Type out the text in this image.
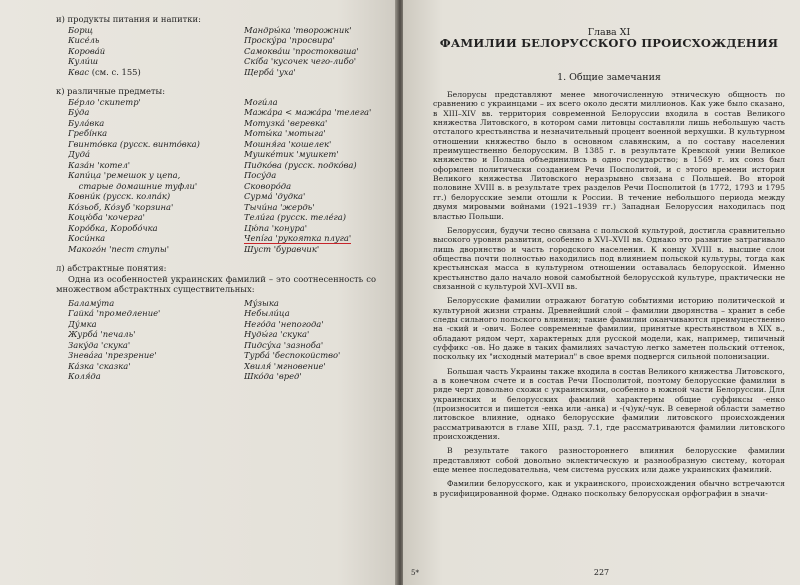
и) продукты питания и напитки:
Борщ	Мандры́ка 'творожник'
Кисе́ль	Проску́ра 'просвира'
Корова́й	Самоква́ш 'простокваша'
Кули́ш	Скі́ба 'кусочек чего-либо'
Квас (см. с. 155)	Щерба́ 'уха'
к) различные предметы:
Бе́рло 'скипетр'	Моги́ла
Бу́да	Мажа́ра < мажа́ра 'телега'
Була́вка	Мотузка́ 'веревка'
Гребі́нка	Моты́ка 'мотыга'
Гвинто́вка (русск. винто́вка)	Мошня́га 'кошелек'
Дудá	Мушкéтик 'мушкет'
Каза́н 'котел'	Пидко́ва (русск. подко́ва)
Капи́ца 'ремешок у цепа,	Посу́да
старые домашние туфли'	Сковоро́да
Ковни́к (русск. колпа́к)	Сурма́ 'дудка'
Ко́зьоб, Ко́зуб 'корзина'	Тычи́на 'жердь'
Коцю́ба 'кочерга'	Тели́га (русск. теле́га)
Коро́бка, Коробо́чка	Цю́па 'конура'
Коси́нка	Чепíга 'рукоятка плуга'
Макого́н 'пест ступы'	Шуст 'буравчик'
л) абстрактные понятия:

Одна из особенностей украинских фамилий – это соотнесенность со множеством абстрактных существительных:

Баламу́та	Му́зыка
Гайка́ 'промедление'	Небыли́ца
Ду́мка	Него́да 'непогода'
Журба́ 'печаль'	Нуды́га 'скука'
Заку́да 'скука'	Пидсýха 'зазноба'
Зневáга 'презрение'	Турба́ 'беспокойство'
Ка́зка 'сказка'	Хвиля́ 'мгновение'
Коля́да	Шко́да 'вред'
Глава XI
ФАМИЛИИ БЕЛОРУССКОГО ПРОИСХОЖДЕНИЯ
1. Общие замечания

Белорусы представляют менее многочисленную этническую общность по сравнению с украинцами – их всего около десяти миллионов. Как уже было сказано, в XIII–XIV вв. территория современной Белоруссии входила в состав Великого княжества Литовского, в котором сами литовцы составляли лишь небольшую часть отсталого крестьянства и незначительный процент военной верхушки. В культурном отношении княжество было в основном славянским, а по составу населения преимущественно белорусским. В 1385 г. в результате Кревской унии Великое княжество и Польша объединились в одно государство; в 1569 г. их союз был оформлен политически созданием Речи Посполитой, и с этого времени история Великого княжества Литовского неразрывно связана с Польшей. Во второй половине XVIII в. в результате трех разделов Речи Посполитой (в 1772, 1793 и 1795 гг.) белорусские земли отошли к России. В течение небольшого периода между двумя мировыми войнами (1921–1939 гг.) Западная Белоруссия находилась под властью Польши.

Белоруссия, будучи тесно связана с польской культурой, достигла сравнительно высокого уровня развития, особенно в XVI–XVII вв. Однако это развитие затрагивало лишь дворянство и часть городского населения. К концу XVIII в. высшие слои общества почти полностью находились под влиянием польской культуры, тогда как крестьянская масса в культурном отношении оставалась белорусской. Именно крестьянство дало начало новой самобытной белорусской культуре, практически не связанной с культурой XVI–XVII вв.

Белорусские фамилии отражают богатую событиями историю политической и культурной жизни страны. Древнейший слой – фамилии дворянства – хранит в себе следы сильного польского влияния; такие фамилии оканчиваются преимущественно на -ский и -ович. Более современные фамилии, принятые крестьянством в XIX в., обладают рядом черт, характерных для русской модели, как, например, типичный суффикс -ов. Но даже в таких фамилиях зачастую легко заметен польский оттенок, поскольку их "исходный материал" в свое время подвергся сильной полонизации.

Большая часть Украины также входила в состав Великого княжества Литовского, а в конечном счете и в состав Речи Посполитой, поэтому белорусские фамилии в ряде черт довольно схожи с украинскими, особенно в южной части Белоруссии. Для украинских и белорусских фамилий характерны общие суффиксы -енко (произносится и пишется -енка или -анка) и -(ч)ук/-чук. В северной области заметно литовское влияние, однако белорусские фамилии литовского происхождения рассматриваются в главе XIII, разд. 7.1, где рассматриваются фамилии литовского происхождения.

В результате такого разностороннего влияния белорусские фамилии представляют собой довольно эклектическую и разнообразную систему, которая еще менее последовательна, чем система русских или даже украинских фамилий.

Фамилии белорусского, как и украинского, происхождения обычно встречаются в русифицированной форме. Однако поскольку белорусская орфография в значи-

227
5*
